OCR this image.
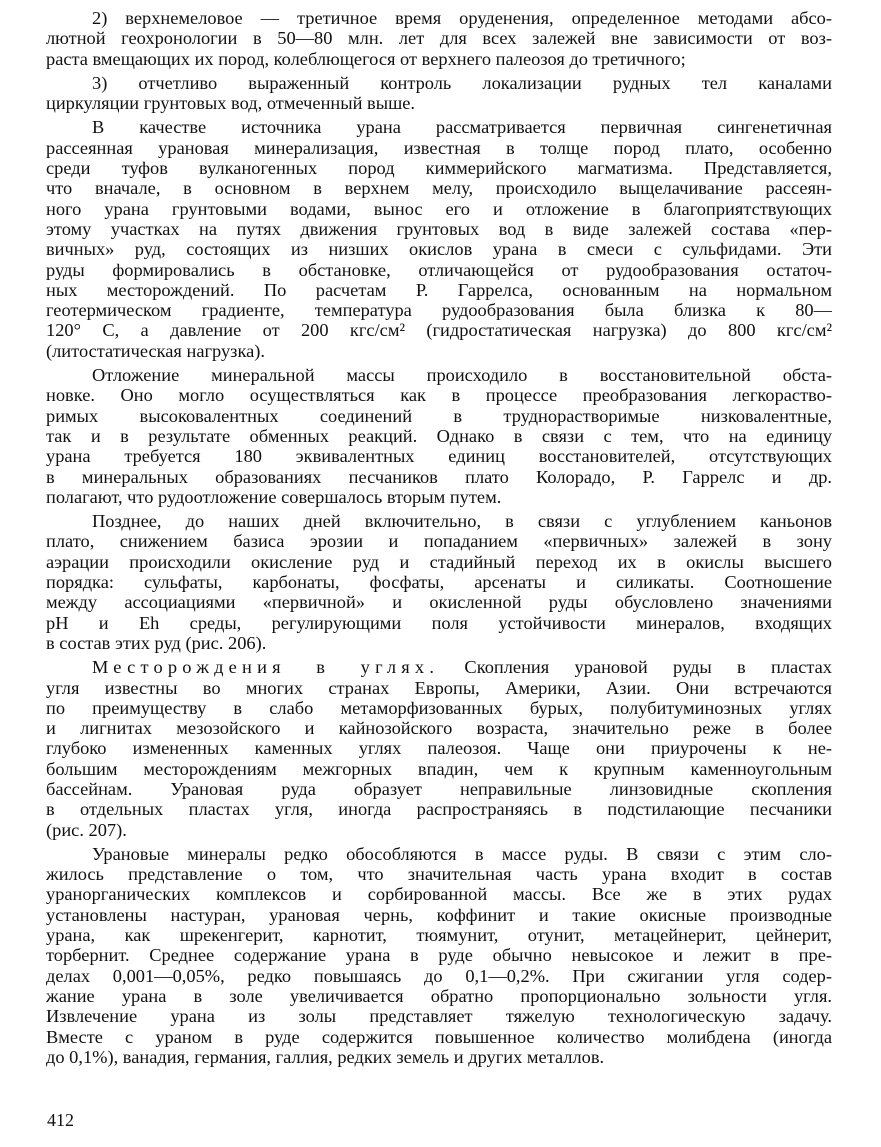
2) верхнемеловое — третичное время оруденения, определенное методами абсо-
лютной геохронологии в 50—80 млн. лет для всех залежей вне зависимости от воз-
раста вмещающих их пород, колеблющегося от верхнего палеозоя до третичного;
3) отчетливо выраженный контроль локализации рудных тел каналами
циркуляции грунтовых вод, отмеченный выше.
В качестве источника урана рассматривается первичная сингенетичная
рассеянная урановая минерализация, известная в толще пород плато, особенно
среди туфов вулканогенных пород киммерийского магматизма. Представляется,
что вначале, в основном в верхнем мелу, происходило выщелачивание рассеян-
ного урана грунтовыми водами, вынос его и отложение в благоприятствующих
этому участках на путях движения грунтовых вод в виде залежей состава «пер-
вичных» руд, состоящих из низших окислов урана в смеси с сульфидами. Эти
руды формировались в обстановке, отличающейся от рудообразования остаточ-
ных месторождений. По расчетам Р. Гаррелса, основанным на нормальном
геотермическом градиенте, температура рудообразования была близка к 80—
120° С, а давление от 200 кгс/см² (гидростатическая нагрузка) до 800 кгс/см²
(литостатическая нагрузка).
Отложение минеральной массы происходило в восстановительной обста-
новке. Оно могло осуществляться как в процессе преобразования легкораство-
римых высоковалентных соединений в труднорастворимые низковалентные,
так и в результате обменных реакций. Однако в связи с тем, что на единицу
урана требуется 180 эквивалентных единиц восстановителей, отсутствующих
в минеральных образованиях песчаников плато Колорадо, Р. Гаррелс и др.
полагают, что рудоотложение совершалось вторым путем.
Позднее, до наших дней включительно, в связи с углублением каньонов
плато, снижением базиса эрозии и попаданием «первичных» залежей в зону
аэрации происходили окисление руд и стадийный переход их в окислы высшего
порядка: сульфаты, карбонаты, фосфаты, арсенаты и силикаты. Соотношение
между ассоциациями «первичной» и окисленной руды обусловлено значениями
pH и Eh среды, регулирующими поля устойчивости минералов, входящих
в состав этих руд (рис. 206).
Месторождения в углях. Скопления урановой руды в пластах
угля известны во многих странах Европы, Америки, Азии. Они встречаются
по преимуществу в слабо метаморфизованных бурых, полубитуминозных углях
и лигнитах мезозойского и кайнозойского возраста, значительно реже в более
глубоко измененных каменных углях палеозоя. Чаще они приурочены к не-
большим месторождениям межгорных впадин, чем к крупным каменноугольным
бассейнам. Урановая руда образует неправильные линзовидные скопления
в отдельных пластах угля, иногда распространяясь в подстилающие песчаники
(рис. 207).
Урановые минералы редко обособляются в массе руды. В связи с этим сло-
жилось представление о том, что значительная часть урана входит в состав
уранорганических комплексов и сорбированной массы. Все же в этих рудах
установлены настуран, урановая чернь, коффинит и такие окисные производные
урана, как шрекенгерит, карнотит, тюямунит, отунит, метацейнерит, цейнерит,
торбернит. Среднее содержание урана в руде обычно невысокое и лежит в пре-
делах 0,001—0,05%, редко повышаясь до 0,1—0,2%. При сжигании угля содер-
жание урана в золе увеличивается обратно пропорционально зольности угля.
Извлечение урана из золы представляет тяжелую технологическую задачу.
Вместе с ураном в руде содержится повышенное количество молибдена (иногда
до 0,1%), ванадия, германия, галлия, редких земель и других металлов.
412
